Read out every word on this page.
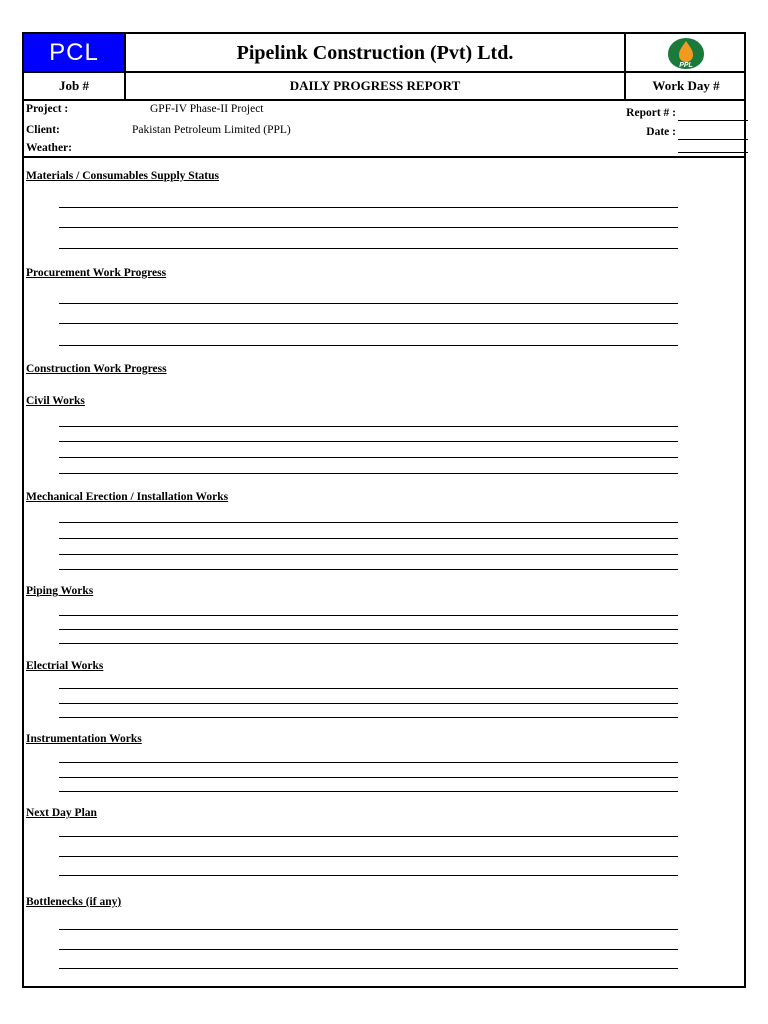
PCL	Pipelink Construction (Pvt) Ltd.
PPL
Job #	DAILY PROGRESS REPORT	Work Day #
Project :	GPF-IV Phase-II Project
Client:	Pakistan Petroleum Limited (PPL)
Weather:
Report # :
Date :
Materials / Consumables Supply Status
Procurement Work Progress
Construction Work Progress
Civil Works
Mechanical Erection / Installation Works
Piping Works
Electrial Works
Instrumentation Works
Next Day Plan
Bottlenecks (if any)
